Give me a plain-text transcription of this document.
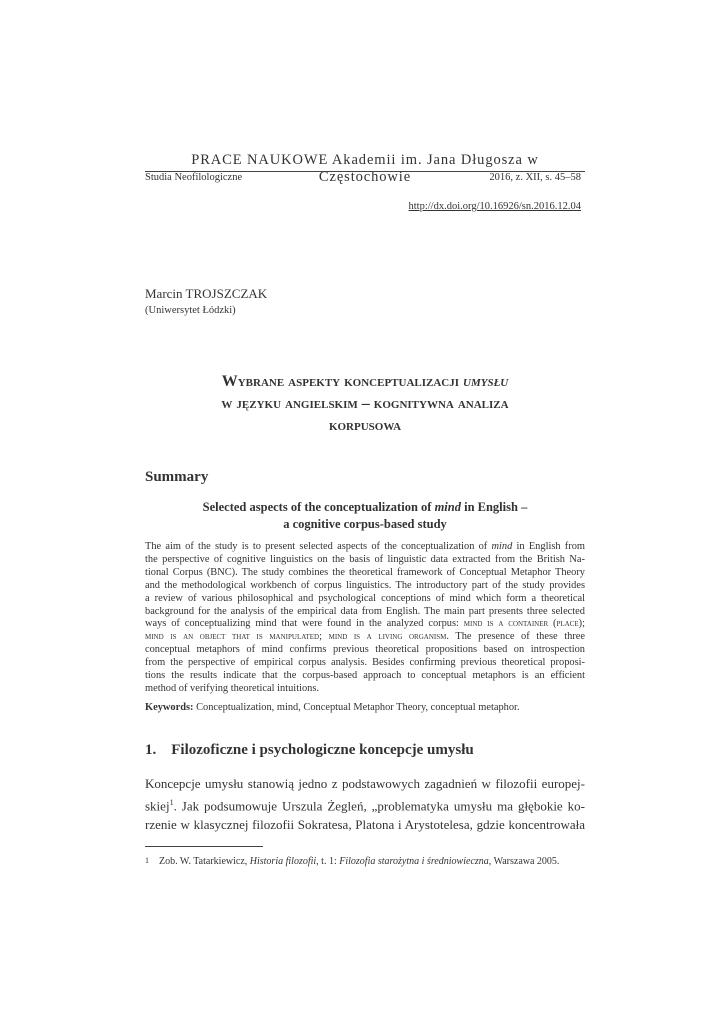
PRACE NAUKOWE Akademii im. Jana Długosza w Częstochowie
Studia Neofilologiczne	2016, z. XII, s. 45–58
http://dx.doi.org/10.16926/sn.2016.12.04
Marcin TROJSZCZAK
(Uniwersytet Łódzki)
Wybrane aspekty konceptualizacji umysłu
w języku angielskim – kognitywna analiza
korpusowa
Summary
Selected aspects of the conceptualization of mind in English –
a cognitive corpus-based study
The aim of the study is to present selected aspects of the conceptualization of mind in English from
the perspective of cognitive linguistics on the basis of linguistic data extracted from the British Na-
tional Corpus (BNC). The study combines the theoretical framework of Conceptual Metaphor Theory
and the methodological workbench of corpus linguistics. The introductory part of the study provides
a review of various philosophical and psychological conceptions of mind which form a theoretical
background for the analysis of the empirical data from English. The main part presents three selected
ways of conceptualizing mind that were found in the analyzed corpus: mind is a container (place);
mind is an object that is manipulated; mind is a living organism. The presence of these three
conceptual metaphors of mind confirms previous theoretical propositions based on introspection
from the perspective of empirical corpus analysis. Besides confirming previous theoretical proposi-
tions the results indicate that the corpus-based approach to conceptual metaphors is an efficient
method of verifying theoretical intuitions.
Keywords: Conceptualization, mind, Conceptual Metaphor Theory, conceptual metaphor.
1. Filozoficzne i psychologiczne koncepcje umysłu
Koncepcje umysłu stanowią jedno z podstawowych zagadnień w filozofii europej-
skiej$^1$. Jak podsumowuje Urszula Żegleń, „problematyka umysłu ma głębokie ko-
rzenie w klasycznej filozofii Sokratesa, Platona i Arystotelesa, gdzie koncentrowała
1 Zob. W. Tatarkiewicz, Historia filozofii, t. 1: Filozofia starożytna i średniowieczna, Warszawa 2005.
